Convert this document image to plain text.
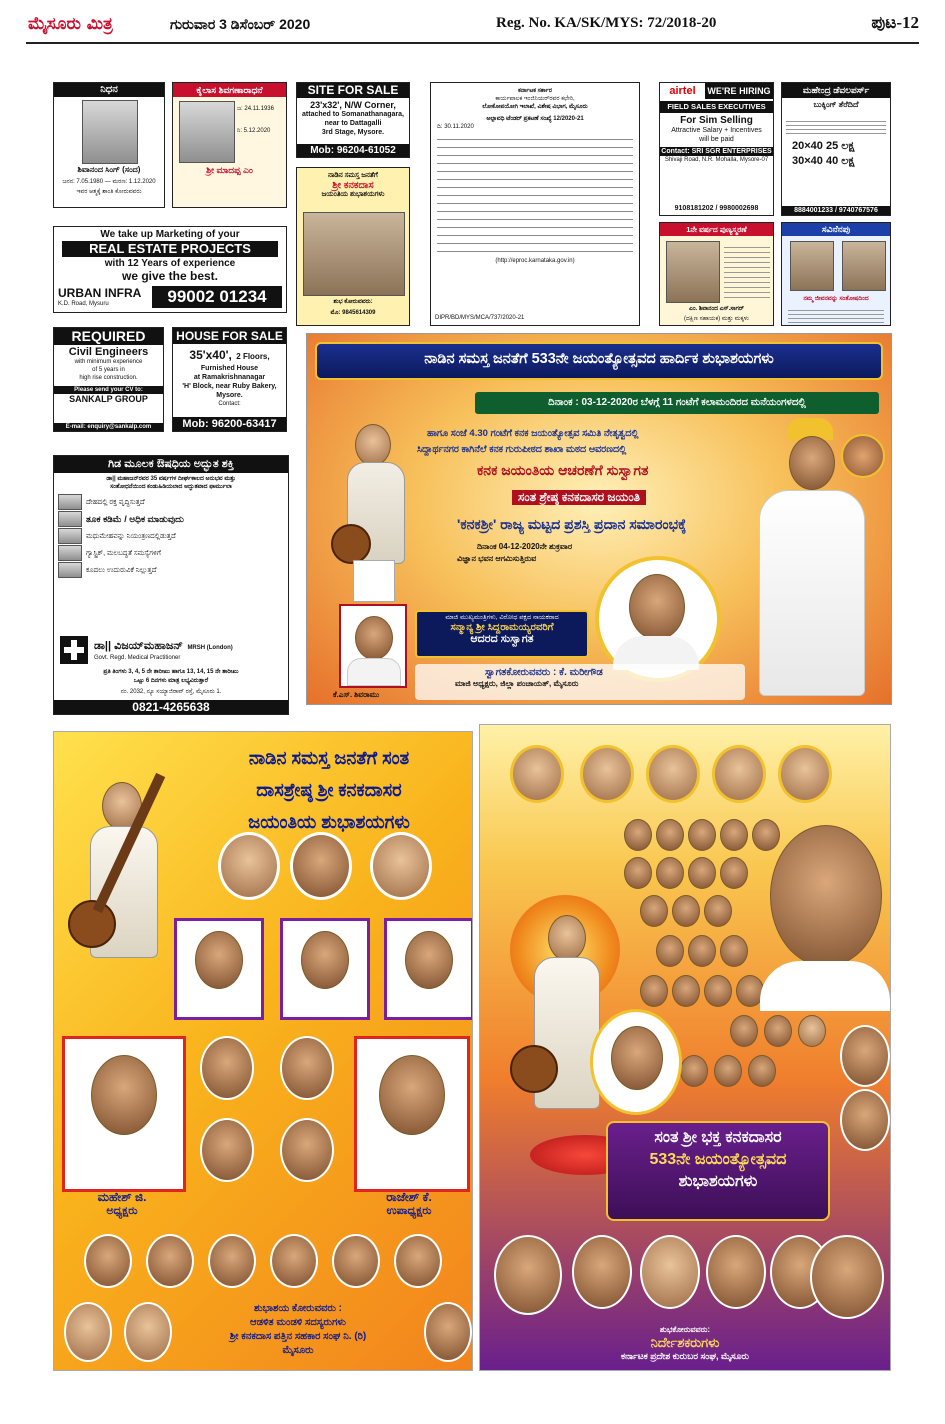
ಮೈಸೂರು ಮಿತ್ರ	ಗುರುವಾರ 3 ಡಿಸೆಂಬರ್ 2020	Reg. No. KA/SK/MYS: 72/2018-20	ಪುಟ-12
ನಿಧನ
ಶಿವಾನಂದ ಸಿಂಗ್ (ಸಂದ)
ಜನನ: 7.05.1980 — ಮರಣ: 1.12.2020
ಇವರ ಆತ್ಮಕ್ಕೆ ಶಾಂತಿ ಕೋರುವವರು
ಕೈಲಾಸ ಶಿವಗಣಾರಾಧನೆ
ಜ: 24.11.1936
ನಿ: 5.12.2020
ಶ್ರೀ ಮಾದಪ್ಪ ಎಂ
SITE FOR SALE
23'x32', N/W Corner,
attached to Somanathanagara,
near to Dattagalli
3rd Stage, Mysore.
Mob: 96204-61052
ನಾಡಿನ ಸಮಸ್ತ ಜನತೆಗೆ
ಶ್ರೀ ಕನಕದಾಸ
ಜಯಂತಿಯ ಶುಭಾಶಯಗಳು
ಶುಭ ಕೋರುವವರು:
ಮೊ: 9845614309
ಕರ್ನಾಟಕ ಸರ್ಕಾರ
ಕಾರ್ಯಪಾಲಕ ಇಂಜಿನಿಯರ್‌ರವರ ಕಛೇರಿ,
ಲೋಕೋಪಯೋಗಿ ಇಲಾಖೆ, ವಿಶೇಷ ವಿಭಾಗ, ಮೈಸೂರು
ಅಲ್ಪಾವಧಿ ಟೆಂಡರ್ ಪ್ರಕಟಣೆ ಸಂಖ್ಯೆ 12/2020-21
ದಿ: 30.11.2020
(http://eproc.karnataka.gov.in)
DIPR/BD/MYS/MCA/737/2020-21
airtel	WE'RE HIRING
FIELD SALES EXECUTIVES
For Sim Selling
Attractive Salary + Incentives
will be paid
Contact: SRI SGR ENTERPRISES
Shivaji Road, N.R. Mohalla, Mysore-07
9108181202 / 9980002698
ಮಹೇಂದ್ರ ಡೆವಲಪರ್ಸ್
ಬುಕ್ಕಿಂಗ್ ತೆರೆದಿದೆ
20×40 25 ಲಕ್ಷ
30×40 40 ಲಕ್ಷ
8884001233 / 9740767576
1ನೇ ವರ್ಷದ ಪುಣ್ಯಸ್ಮರಣೆ
ಎಂ. ಶಿವಾನಂದ ಎಸ್.ಸಾಗರ್
(ದಕ್ಷಿಣ ಸಹಾಯಕ) ಮತ್ತು ಮಕ್ಕಳು
ಸವಿನೆನಪು
ನಮ್ಮ ಜೀವನವನ್ನು ಸಂತೋಷದಿಂದ
We take up Marketing of your
REAL ESTATE PROJECTS
with 12 Years of experience
we give the best.
URBAN INFRA
K.D. Road, Mysuru	99002 01234
REQUIRED
Civil Engineers
with minimum experience
of 5 years in
high rise construction.
Please send your CV to:
SANKALP GROUP
E-mail: enquiry@sankalp.com
HOUSE FOR SALE
35'x40', 2 Floors,
Furnished House
at Ramakrishnanagar
'H' Block, near Ruby Bakery,
Mysore.
Contact:
Mob: 96200-63417
ಗಿಡ ಮೂಲಕ ಔಷಧಿಯ ಅದ್ಭುತ ಶಕ್ತಿ
ಡಾ|| ಮಹಾಜನ್‌ರವರ 35 ವರ್ಷಗಳ ದೀರ್ಘಕಾಲದ ಅನುಭವ ಮತ್ತು
ಸಂಶೋಧನೆಯಿಂದ ಕಂಡುಹಿಡಿಯಲಾದ ಅದ್ಭುತವಾದ ಫಾರ್ಮುಲಾ
ದೇಹದಲ್ಲಿ ರಕ್ತ ವೃದ್ಧಿಸುತ್ತದೆ
ತೂಕ ಕಡಿಮೆ / ಅಧಿಕ ಮಾಡುವುದು
ಮಧುಮೇಹವನ್ನು ನಿಯಂತ್ರಣದಲ್ಲಿಡುತ್ತದೆ
ಗ್ಯಾಸ್ಟ್ರಿಕ್, ಮಲಬದ್ಧತೆ ಸಮಸ್ಯೆಗಳಿಗೆ
ಕೂದಲು ಉದುರುವಿಕೆ ನಿಲ್ಲುತ್ತದೆ
ಡಾ|| ವಿಜಯ್‌ಮಹಾಜನ್ MRSH (London)
Govt. Regd. Medical Practitioner
ಪ್ರತಿ ತಿಂಗಳು 3, 4, 5 ನೇ ತಾರೀಖು ಹಾಗೂ 13, 14, 15 ನೇ ತಾರೀಖು
ಒಟ್ಟು 6 ದಿನಗಳು ಮಾತ್ರ ಲಭ್ಯವಿರುತ್ತಾರೆ
ನಂ. 2032, ನ್ಯೂ ಸಯ್ಯಾಜಿರಾವ್ ರಸ್ತೆ, ಮೈಸೂರು 1.
0821-4265638
ನಾಡಿನ ಸಮಸ್ತ ಜನತೆಗೆ 533ನೇ ಜಯಂತ್ಯೋತ್ಸವದ ಹಾರ್ದಿಕ ಶುಭಾಶಯಗಳು
ದಿನಾಂಕ : 03-12-2020ರ ಬೆಳಗ್ಗೆ 11 ಗಂಟೆಗೆ ಕಲಾಮಂದಿರದ ಮನೆಯಂಗಳದಲ್ಲಿ
ಹಾಗೂ ಸಂಜೆ 4.30 ಗಂಟೆಗೆ ಕನಕ ಜಯಂತ್ಯೋತ್ಸವ ಸಮಿತಿ ನೇತೃತ್ವದಲ್ಲಿ
ಸಿದ್ದಾರ್ಥನಗರ ಕಾಗಿನೆಲೆ ಕನಕ ಗುರುಪೀಠದ ಶಾಖಾ ಮಠದ ಆವರಣದಲ್ಲಿ
ಕನಕ ಜಯಂತಿಯ ಆಚರಣೆಗೆ ಸುಸ್ವಾಗತ
ಸಂತ ಶ್ರೇಷ್ಠ ಕನಕದಾಸರ ಜಯಂತಿ
'ಕನಕಶ್ರೀ' ರಾಜ್ಯ ಮಟ್ಟದ ಪ್ರಶಸ್ತಿ ಪ್ರದಾನ ಸಮಾರಂಭಕ್ಕೆ
ದಿನಾಂಕ 04-12-2020ನೇ ಶುಕ್ರವಾರ
ವಿಜ್ಞಾನ ಭವನ ಆಗಮಿಸುತ್ತಿರುವ
ಮಾಜಿ ಮುಖ್ಯಮಂತ್ರಿಗಳು, ವಿರೋಧ ಪಕ್ಷದ ನಾಯಕರಾದ
ಸನ್ಮಾನ್ಯ ಶ್ರೀ ಸಿದ್ದರಾಮಯ್ಯರವರಿಗೆ
ಆದರದ ಸುಸ್ವಾಗತ
ಕೆ.ಎಸ್. ಶಿವರಾಮು
ಸ್ವಾಗತಕೋರುವವರು : ಕೆ. ಮರೀಗೌಡ
ಮಾಜಿ ಅಧ್ಯಕ್ಷರು, ಜಿಲ್ಲಾ ಪಂಚಾಯತ್, ಮೈಸೂರು
ನಾಡಿನ ಸಮಸ್ತ ಜನತೆಗೆ ಸಂತ
ದಾಸಶ್ರೇಷ್ಠ ಶ್ರೀ ಕನಕದಾಸರ
ಜಯಂತಿಯ ಶುಭಾಶಯಗಳು
ಮಹೇಶ್ ಜಿ.
ಅಧ್ಯಕ್ಷರು
ರಾಜೇಶ್ ಕೆ.
ಉಪಾಧ್ಯಕ್ಷರು
ಶುಭಾಶಯ ಕೋರುವವರು :
ಆಡಳಿತ ಮಂಡಳಿ ಸದಸ್ಯರುಗಳು
ಶ್ರೀ ಕನಕದಾಸ ಪತ್ತಿನ ಸಹಕಾರ ಸಂಘ ನಿ. (ರಿ)
ಮೈಸೂರು
ಸಂತ ಶ್ರೀ ಭಕ್ತ ಕನಕದಾಸರ
533ನೇ ಜಯಂತ್ಯೋತ್ಸವದ
ಶುಭಾಶಯಗಳು
ಶುಭಕೋರುವವರು:
ನಿರ್ದೇಶಕರುಗಳು
ಕರ್ನಾಟಕ ಪ್ರದೇಶ ಕುರುಬರ ಸಂಘ, ಮೈಸೂರು
